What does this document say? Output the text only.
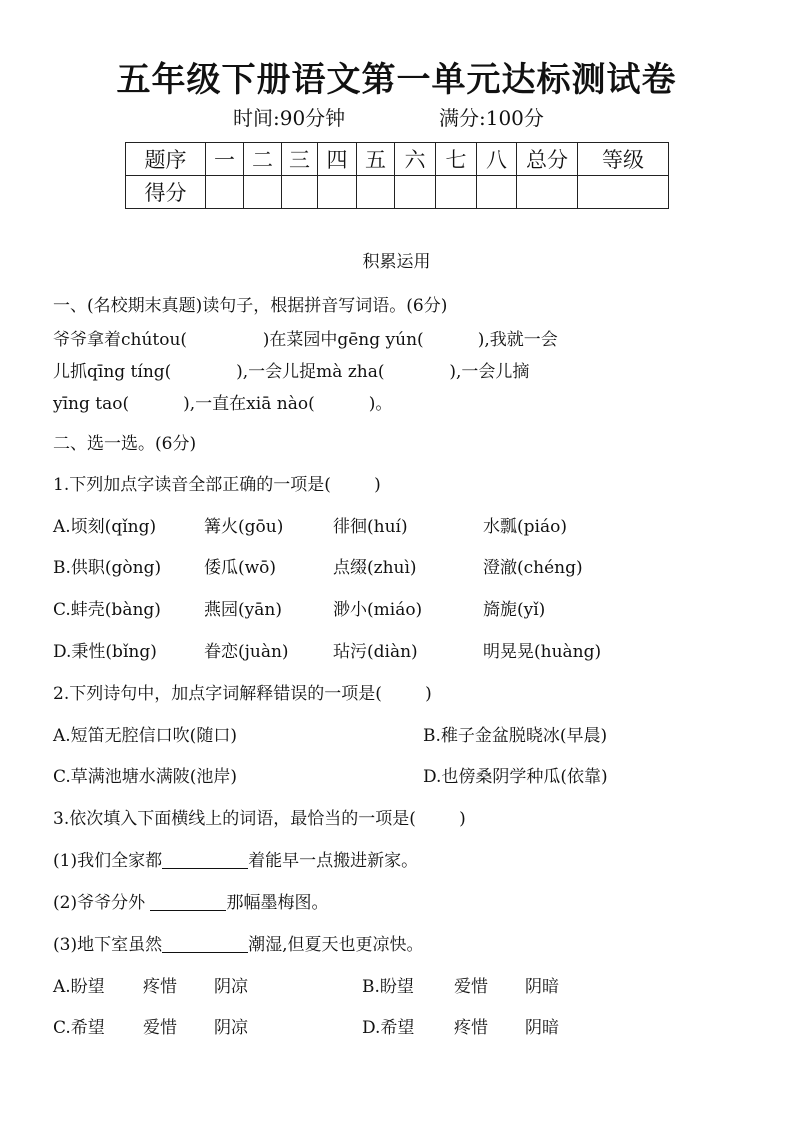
五年级下册语文第一单元达标测试卷
时间:90分钟	满分:100分
题序	一	二	三	四	五	六	七	八	总分	等级
得分										
积累运用
一、(名校期末真题)读句子，根据拼音写词语。(6分)
爷爷拿着chútou(              )在菜园中gēng yún(          ),我就一会
儿抓qīng tíng(            ),一会儿捉mà zha(            ),一会儿摘
yīng tao(          ),一直在xiā nào(          )。
二、选一选。(6分)
1.下列加点字读音全部正确的一项是(        )
A.顷刻(qǐng)	篝火(gōu)	徘徊(huí)	水瓢(piáo)
B.供职(gòng)	倭瓜(wō)	点缀(zhuì)	澄澈(chéng)
C.蚌壳(bàng)	燕园(yān)	渺小(miáo)	旖旎(yǐ)
D.秉性(bǐng)	眷恋(juàn)	玷污(diàn)	明晃晃(huàng)
2.下列诗句中，加点字词解释错误的一项是(        )
A.短笛无腔信口吹(随口)	B.稚子金盆脱晓冰(早晨)
C.草满池塘水满陂(池岸)	D.也傍桑阴学种瓜(依靠)
3.依次填入下面横线上的词语，最恰当的一项是(        )
(1)我们全家都	着能早一点搬进新家。
(2)爷爷分外	那幅墨梅图。
(3)地下室虽然	潮湿,但夏天也更凉快。
A.盼望 疼惜 阴凉	B.盼望 爱惜 阴暗
C.希望 爱惜 阴凉	D.希望 疼惜 阴暗
